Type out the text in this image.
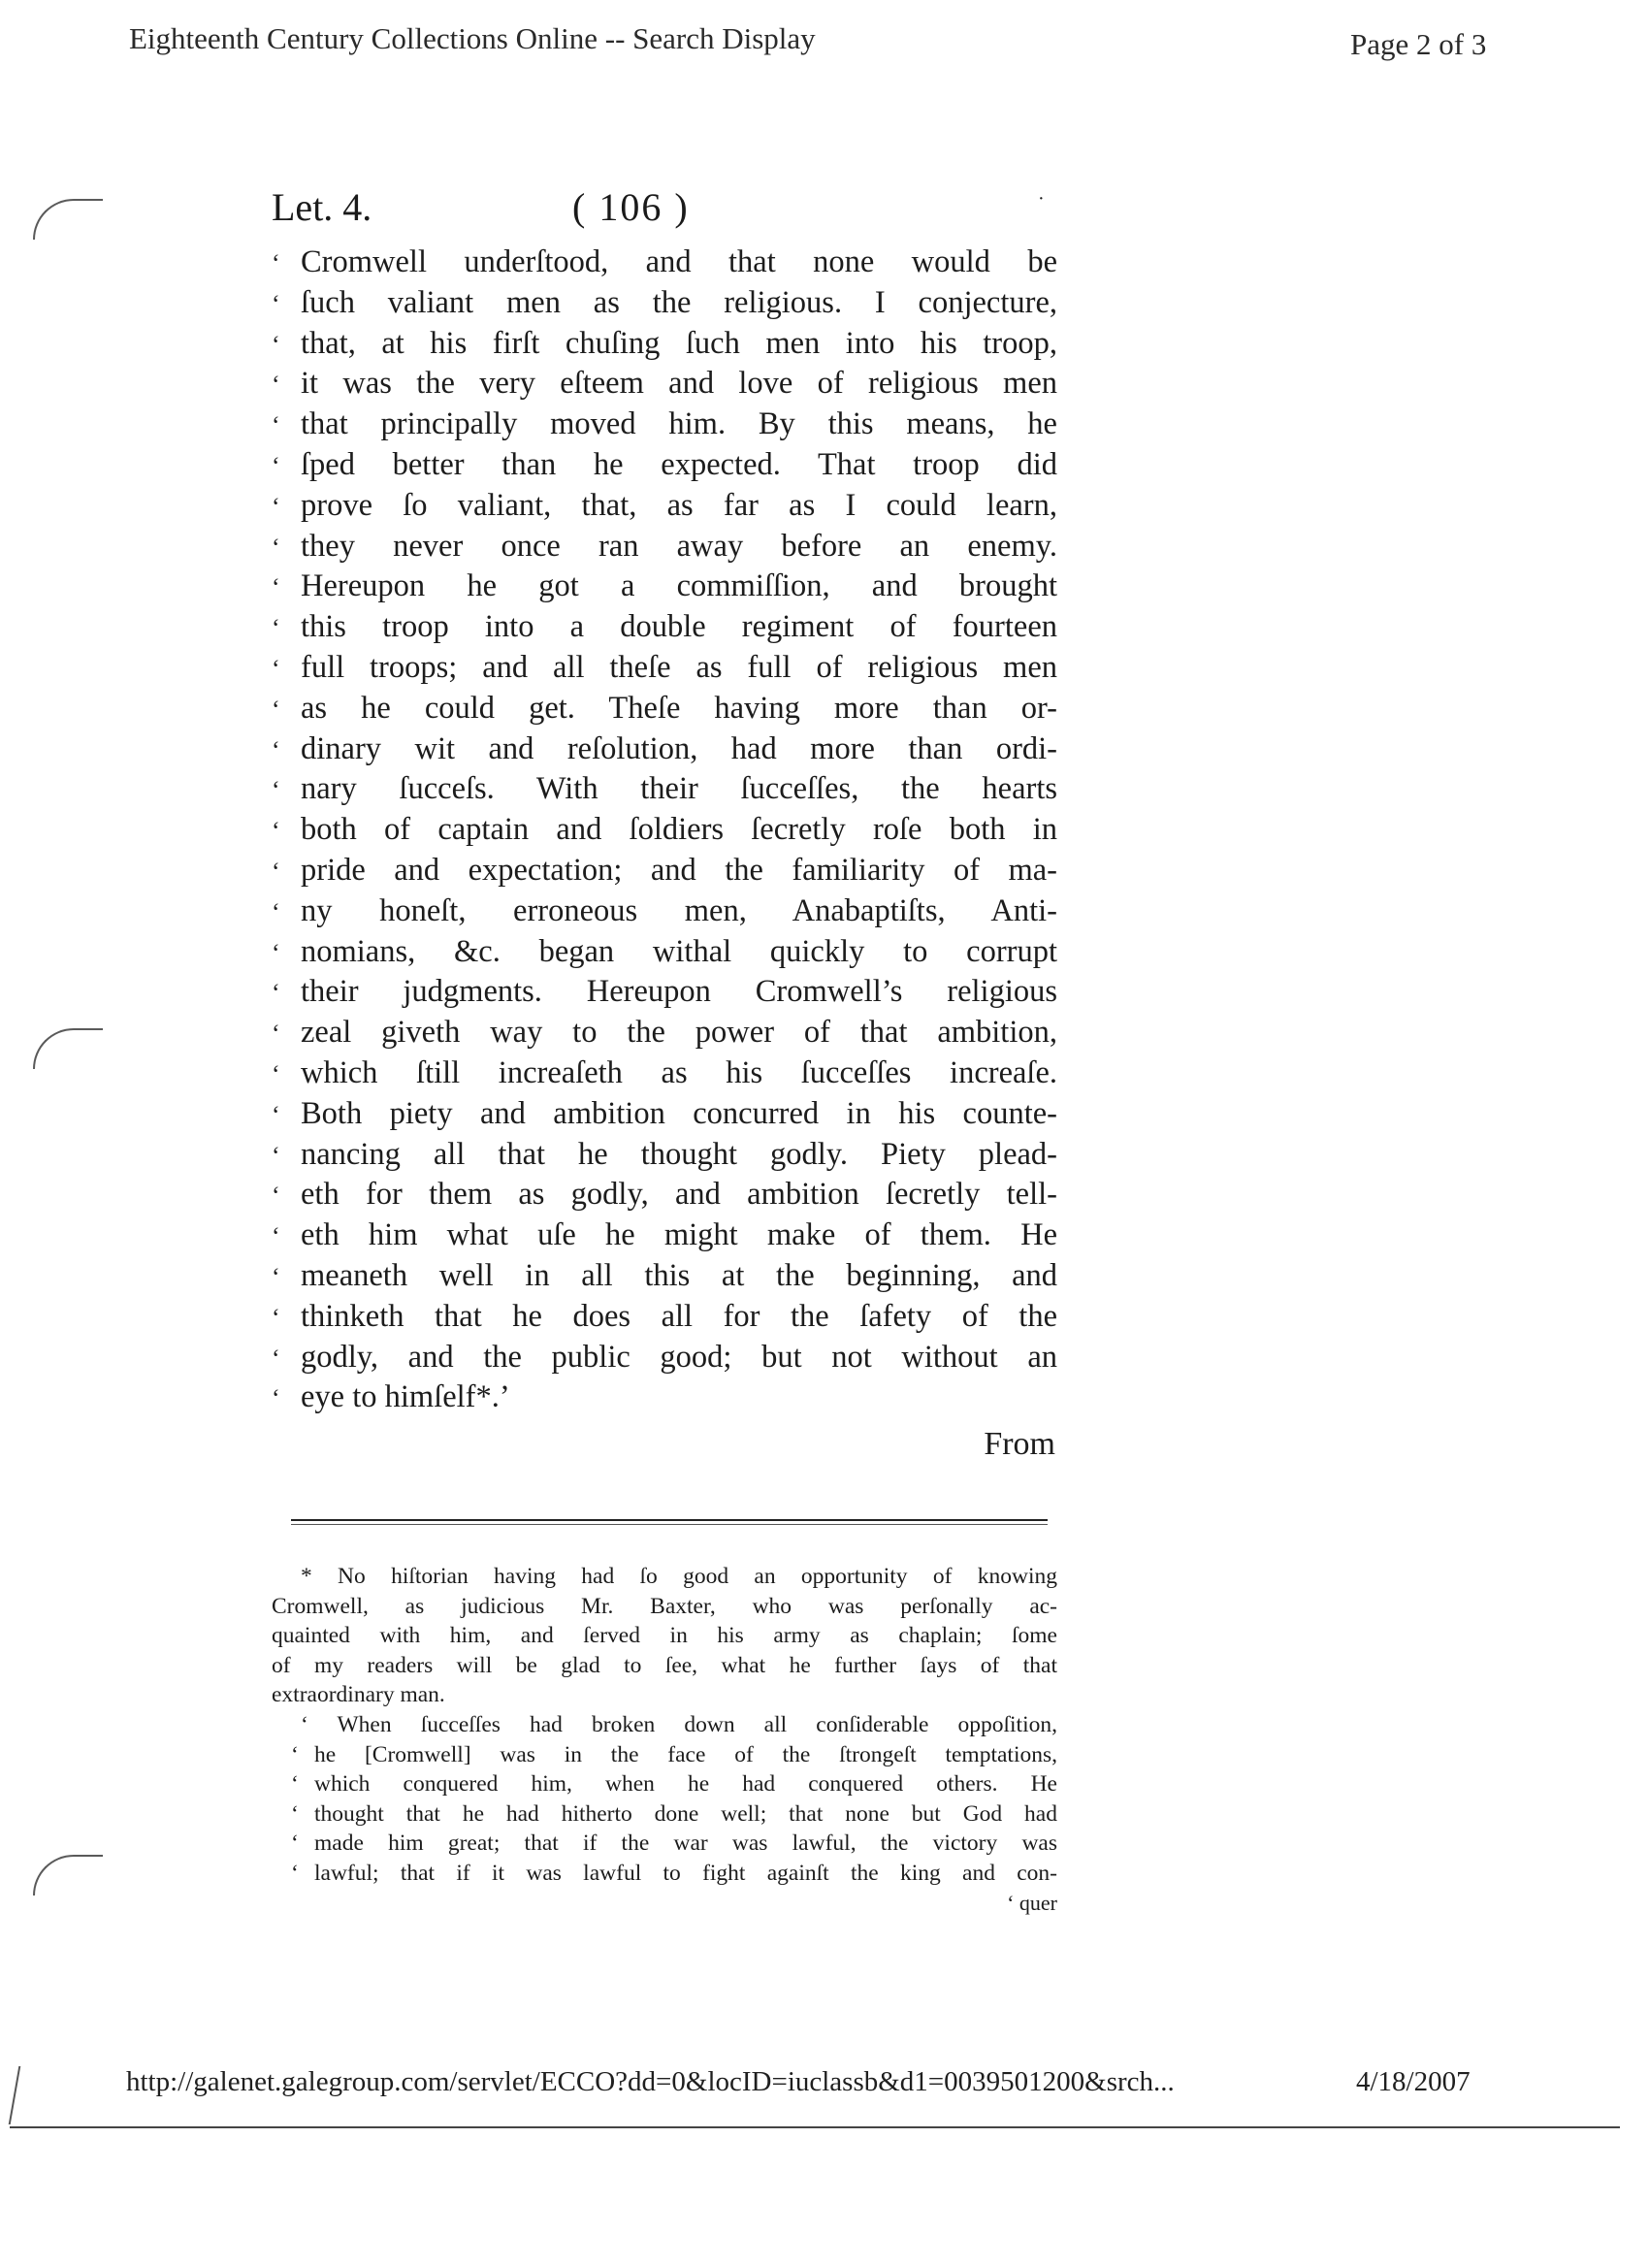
Eighteenth Century Collections Online -- Search Display	Page 2 of 3
Let. 4.	( 106 )	·
‘ Cromwell underſtood, and that none would be
‘ ſuch valiant men as the religious. I conjecture,
‘ that, at his firſt chuſing ſuch men into his troop,
‘ it was the very eſteem and love of religious men
‘ that principally moved him. By this means, he
‘ ſped better than he expected. That troop did
‘ prove ſo valiant, that, as far as I could learn,
‘ they never once ran away before an enemy.
‘ Hereupon he got a commiſſion, and brought
‘ this troop into a double regiment of fourteen
‘ full troops; and all theſe as full of religious men
‘ as he could get. Theſe having more than or-
‘ dinary wit and reſolution, had more than ordi-
‘ nary ſucceſs. With their ſucceſſes, the hearts
‘ both of captain and ſoldiers ſecretly roſe both in
‘ pride and expectation; and the familiarity of ma-
‘ ny honeſt, erroneous men, Anabaptiſts, Anti-
‘ nomians, &c. began withal quickly to corrupt
‘ their judgments. Hereupon Cromwell’s religious
‘ zeal giveth way to the power of that ambition,
‘ which ſtill increaſeth as his ſucceſſes increaſe.
‘ Both piety and ambition concurred in his counte-
‘ nancing all that he thought godly. Piety plead-
‘ eth for them as godly, and ambition ſecretly tell-
‘ eth him what uſe he might make of them. He
‘ meaneth well in all this at the beginning, and
‘ thinketh that he does all for the ſafety of the
‘ godly, and the public good; but not without an
‘ eye to himſelf*.’
From
* No hiſtorian having had ſo good an opportunity of knowing
Cromwell, as judicious Mr. Baxter, who was perſonally ac-
quainted with him, and ſerved in his army as chaplain; ſome
of my readers will be glad to ſee, what he further ſays of that
extraordinary man.
‘ When ſucceſſes had broken down all conſiderable oppoſition,
‘ he [Cromwell] was in the face of the ſtrongeſt temptations,
‘ which conquered him, when he had conquered others. He
‘ thought that he had hitherto done well; that none but God had
‘ made him great; that if the war was lawful, the victory was
‘ lawful; that if it was lawful to fight againſt the king and con-
‘ quer
http://galenet.galegroup.com/servlet/ECCO?dd=0&locID=iuclassb&d1=0039501200&srch...	4/18/2007
